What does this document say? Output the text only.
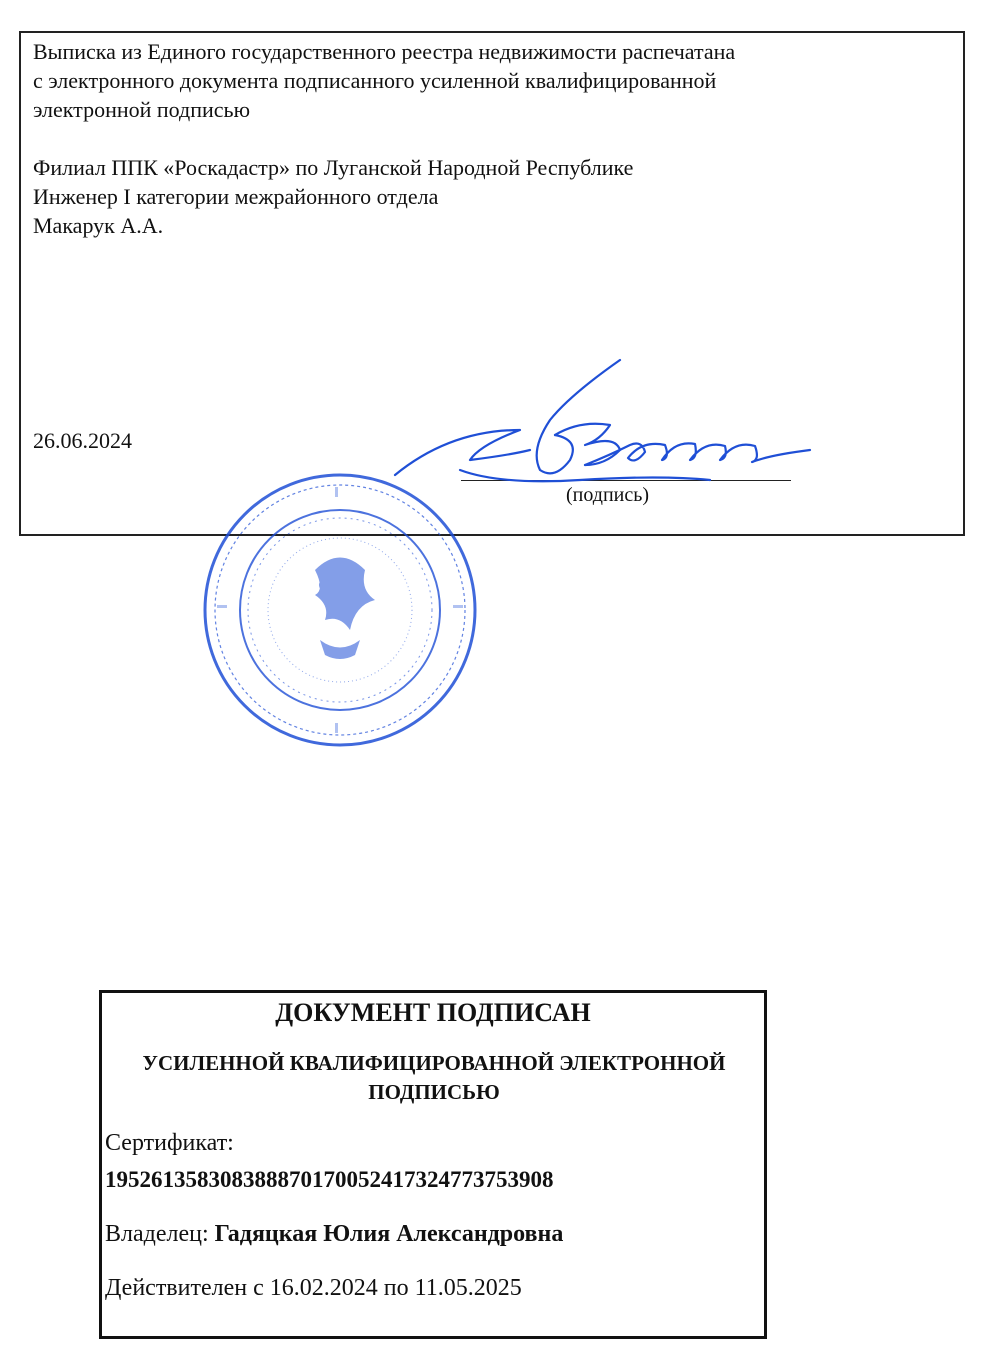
Выписка из Единого государственного реестра недвижимости распечатана
с электронного документа подписанного усиленной квалифицированной
электронной подписью
Филиал ППК «Роскадастр» по Луганской Народной Республике
Инженер I категории межрайонного отдела
Макарук А.А.
26.06.2024
(подпись)
ДОКУМЕНТ ПОДПИСАН
УСИЛЕННОЙ КВАЛИФИЦИРОВАННОЙ ЭЛЕКТРОННОЙ ПОДПИСЬЮ
Сертификат:
195261358308388870170052417324773753908
Владелец: Гадяцкая Юлия Александровна
Действителен с 16.02.2024 по 11.05.2025
